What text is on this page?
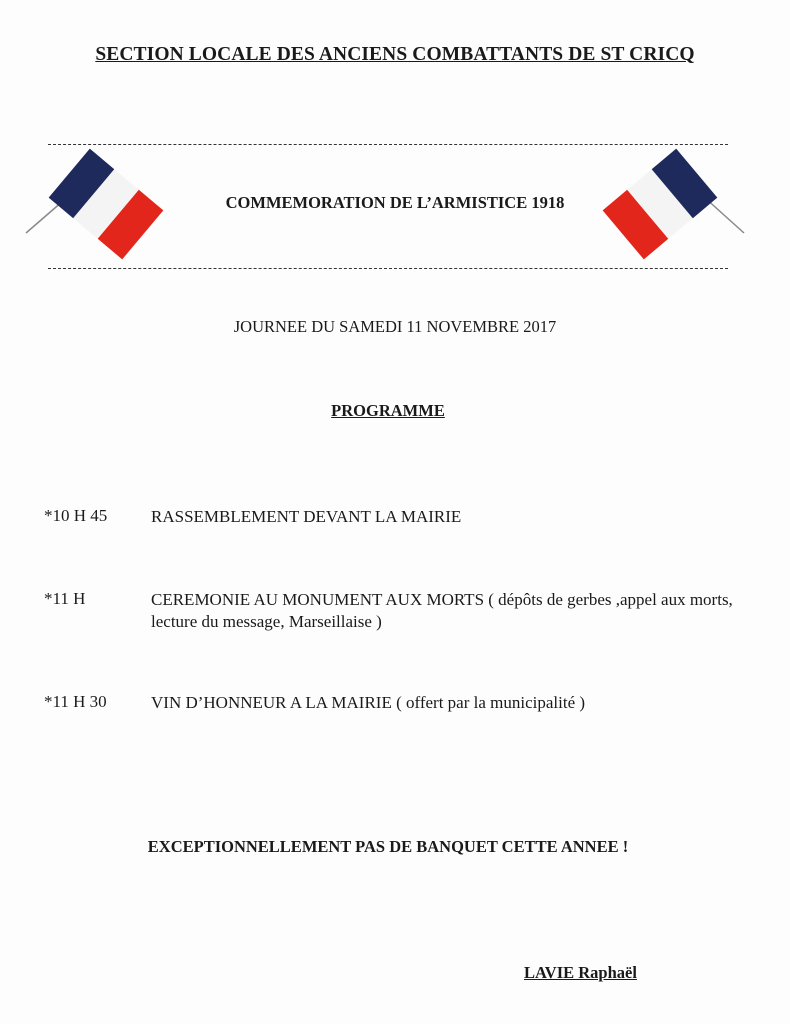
SECTION LOCALE DES ANCIENS COMBATTANTS DE ST CRICQ
COMMEMORATION DE L’ARMISTICE 1918
JOURNEE DU SAMEDI 11 NOVEMBRE 2017
PROGRAMME
*10 H 45	RASSEMBLEMENT DEVANT LA MAIRIE
*11 H	CEREMONIE AU MONUMENT AUX MORTS ( dépôts de gerbes ,appel aux morts, lecture du message, Marseillaise )
*11 H 30	VIN D’HONNEUR A LA MAIRIE ( offert par la municipalité )
EXCEPTIONNELLEMENT PAS DE BANQUET CETTE ANNEE !
LAVIE Raphaël
